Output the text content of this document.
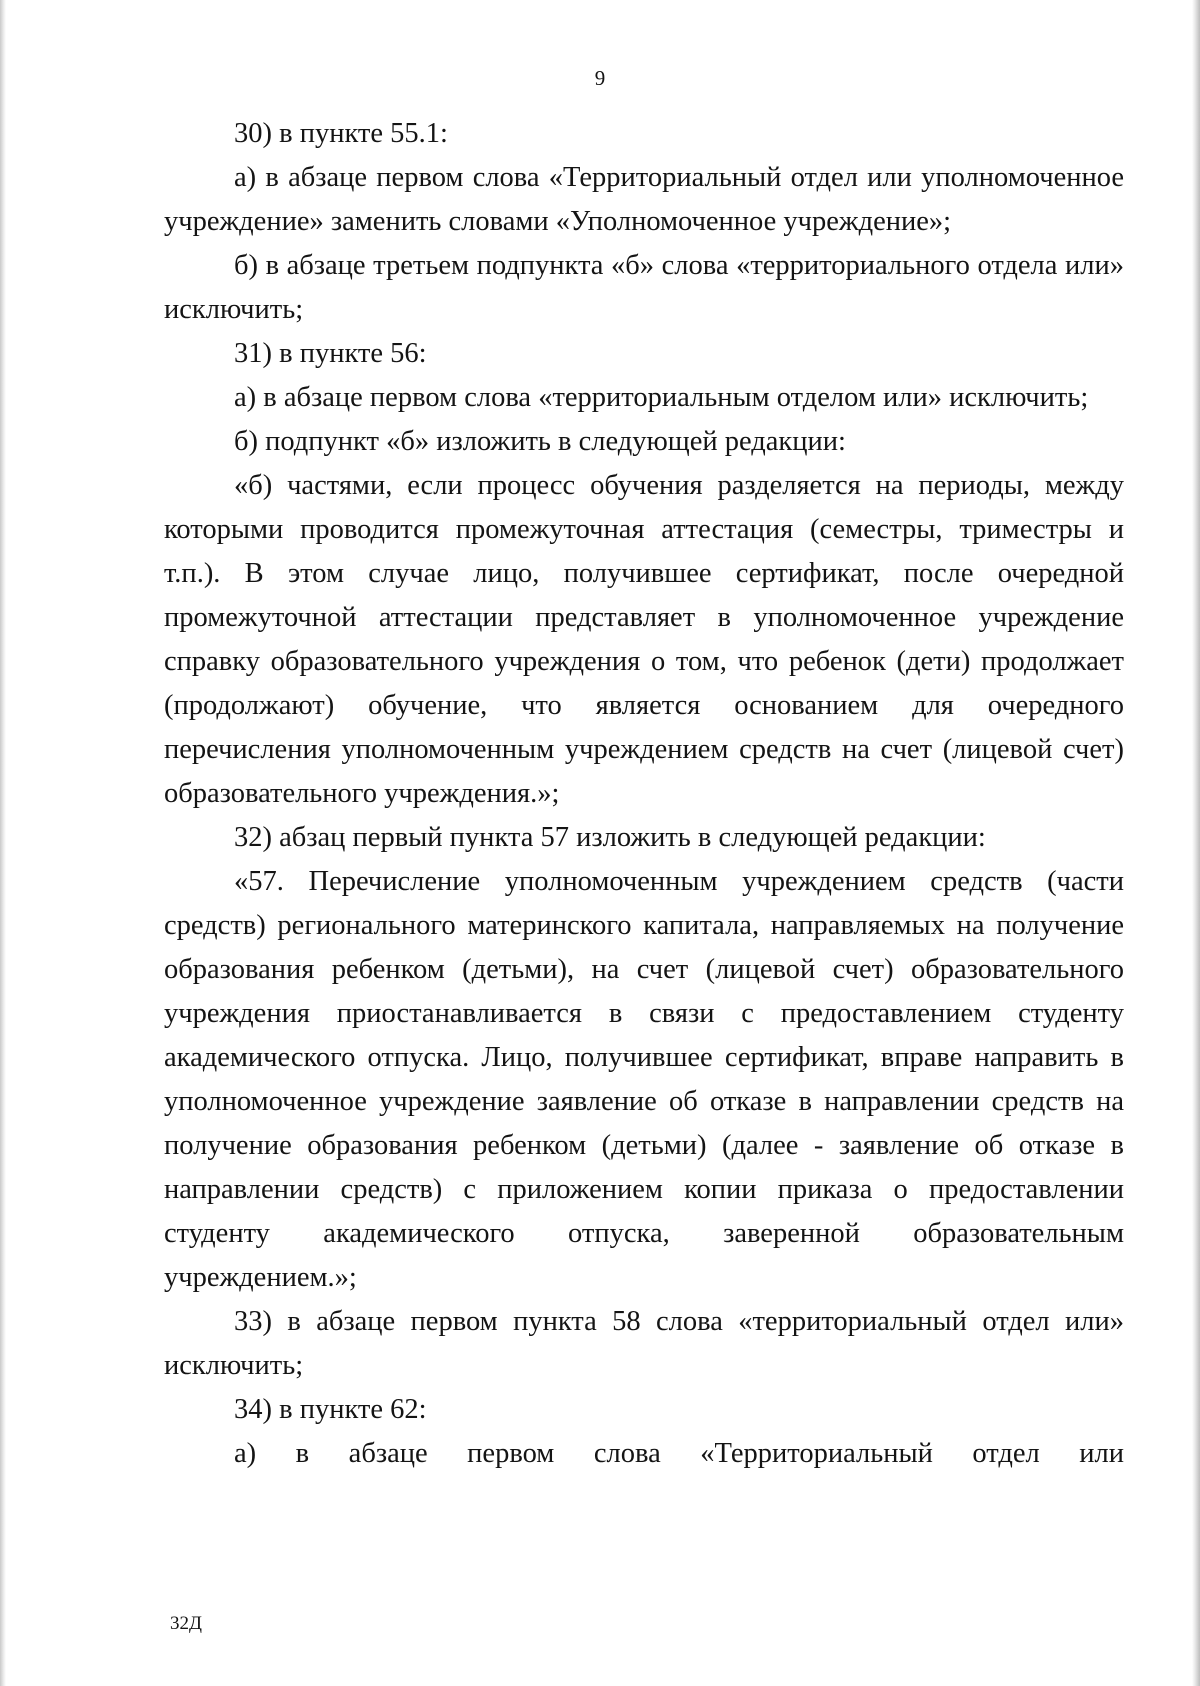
9

30) в пункте 55.1:

а) в абзаце первом слова «Территориальный отдел или уполномоченное учреждение» заменить словами «Уполномоченное учреждение»;

б) в абзаце третьем подпункта «б» слова «территориального отдела или» исключить;

31) в пункте 56:

а) в абзаце первом слова «территориальным отделом или» исключить;

б) подпункт «б» изложить в следующей редакции:

«б) частями, если процесс обучения разделяется на периоды, между которыми проводится промежуточная аттестация (семестры, триместры и т.п.). В этом случае лицо, получившее сертификат, после очередной промежуточной аттестации представляет в уполномоченное учреждение справку образовательного учреждения о том, что ребенок (дети) продолжает (продолжают) обучение, что является основанием для очередного перечисления уполномоченным учреждением средств на счет (лицевой счет) образовательного учреждения.»;

32) абзац первый пункта 57 изложить в следующей редакции:

«57. Перечисление уполномоченным учреждением средств (части средств) регионального материнского капитала, направляемых на получение образования ребенком (детьми), на счет (лицевой счет) образовательного учреждения приостанавливается в связи с предоставлением студенту академического отпуска. Лицо, получившее сертификат, вправе направить в уполномоченное учреждение заявление об отказе в направлении средств на получение образования ребенком (детьми) (далее - заявление об отказе в направлении средств) с приложением копии приказа о предоставлении студенту академического отпуска, заверенной образовательным учреждением.»;

33) в абзаце первом пункта 58 слова «территориальный отдел или» исключить;

34) в пункте 62:

а) в абзаце первом слова «Территориальный отдел или

32Д
